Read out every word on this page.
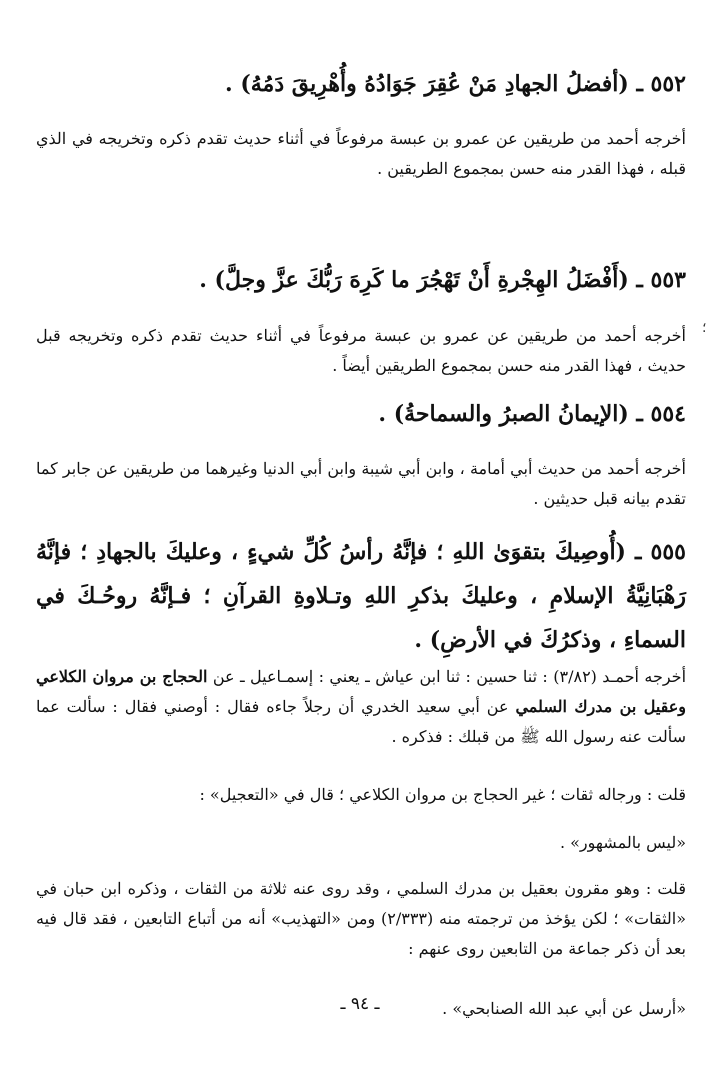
٥٥٢ ـ (أفضلُ الجهادِ مَنْ عُقِرَ جَوَادُهُ وأُهْرِيقَ دَمُهُ) .
أخرجه أحمد من طريقين عن عمرو بن عبسة مرفوعاً في أثناء حديث تقدم ذكره وتخريجه في الذي قبله ، فهذا القدر منه حسن بمجموع الطريقين .
٥٥٣ ـ (أَفْضَلُ الهِجْرةِ أَنْ تَهْجُرَ ما كَرِهَ رَبُّكَ عزَّ وجلَّ) .
أخرجه أحمد من طريقين عن عمرو بن عبسة مرفوعاً في أثناء حديث تقدم ذكره وتخريجه قبل حديث ، فهذا القدر منه حسن بمجموع الطريقين أيضاً .
٥٥٤ ـ (الإيمانُ الصبرُ والسماحةُ) .
أخرجه أحمد من حديث أبي أمامة ، وابن أبي شيبة وابن أبي الدنيا وغيرهما من طريقين عن جابر كما تقدم بيانه قبل حديثين .
٥٥٥ ـ (أُوصِيكَ بتقوَىٰ اللهِ ؛ فإنَّهُ رأسُ كُلِّ شيءٍ ، وعليكَ بالجهادِ ؛ فإنَّهُ رَهْبَانِيَّةُ الإسلامِ ، وعليكَ بذكرِ اللهِ وتـلاوةِ القرآنِ ؛ فـإنَّهُ روحُـكَ في السماءِ ، وذكرُكَ في الأرضِ) .
أخرجه أحمـد (٣/٨٢) : ثنا حسين : ثنا ابن عياش ـ يعني : إسمـاعيل ـ عن الحجاج بن مروان الكلاعي وعقيل بن مدرك السلمي عن أبي سعيد الخدري أن رجلاً جاءه فقال : أوصني فقال : سألت عما سألت عنه رسول الله ﷺ من قبلك : فذكره .
قلت : ورجاله ثقات ؛ غير الحجاج بن مروان الكلاعي ؛ قال في «التعجيل» :
«ليس بالمشهور» .
قلت : وهو مقرون بعقيل بن مدرك السلمي ، وقد روى عنه ثلاثة من الثقات ، وذكره ابن حبان في «الثقات» ؛ لكن يؤخذ من ترجمته منه (٢/٣٣٣) ومن «التهذيب» أنه من أتباع التابعين ، فقد قال فيه بعد أن ذكر جماعة من التابعين روى عنهم :
«أرسل عن أبي عبد الله الصنابحي» .
؛
ـ ٩٤ ـ
